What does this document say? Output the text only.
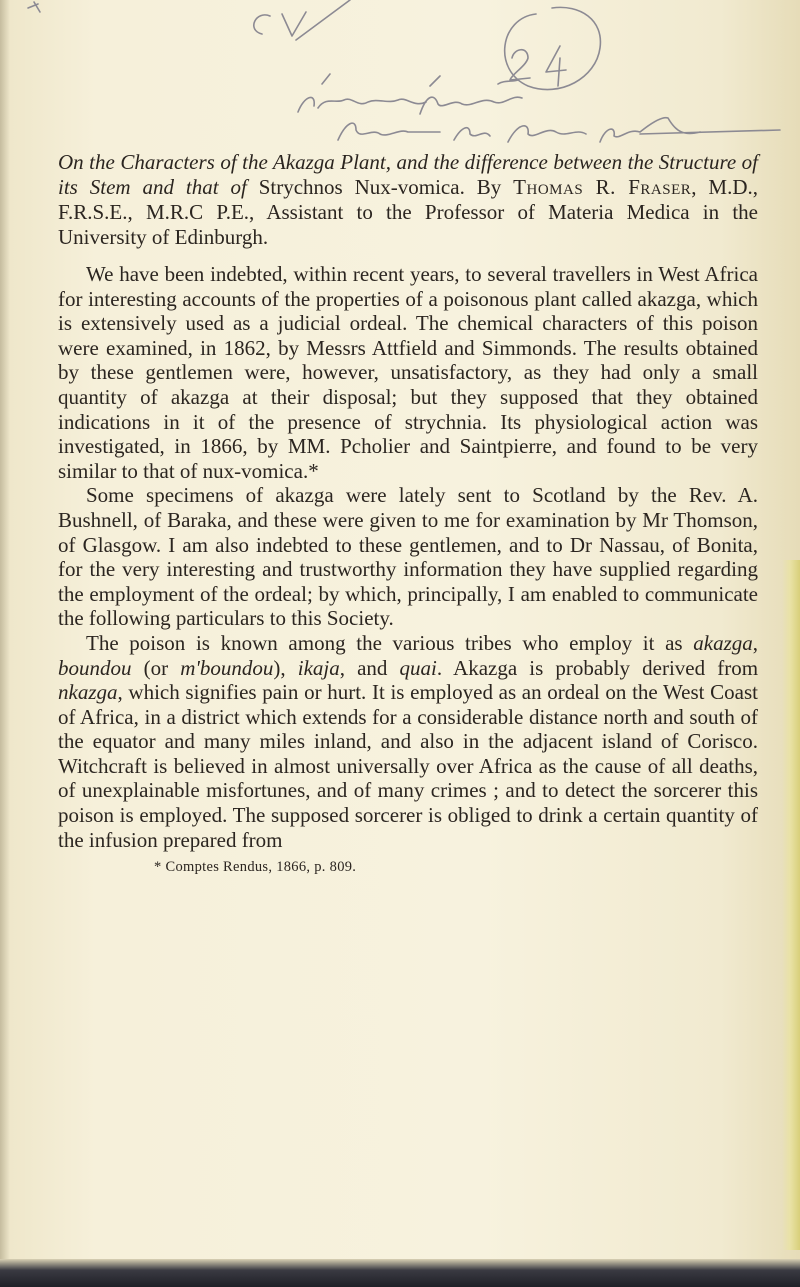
On the Characters of the Akazga Plant, and the difference between the Structure of its Stem and that of Strychnos Nux-vomica. By Thomas R. Fraser, M.D., F.R.S.E., M.R.C P.E., Assistant to the Professor of Materia Medica in the University of Edinburgh.

We have been indebted, within recent years, to several travellers in West Africa for interesting accounts of the properties of a poisonous plant called akazga, which is extensively used as a judicial ordeal. The chemical characters of this poison were examined, in 1862, by Messrs Attfield and Simmonds. The results obtained by these gentlemen were, however, unsatisfactory, as they had only a small quantity of akazga at their disposal; but they supposed that they obtained indications in it of the presence of strychnia. Its physiological action was investigated, in 1866, by MM. Pcholier and Saintpierre, and found to be very similar to that of nux-vomica.*

Some specimens of akazga were lately sent to Scotland by the Rev. A. Bushnell, of Baraka, and these were given to me for examination by Mr Thomson, of Glasgow. I am also indebted to these gentlemen, and to Dr Nassau, of Bonita, for the very interesting and trustworthy information they have supplied regarding the employment of the ordeal; by which, principally, I am enabled to communicate the following particulars to this Society.

The poison is known among the various tribes who employ it as akazga, boundou (or m'boundou), ikaja, and quai. Akazga is probably derived from nkazga, which signifies pain or hurt. It is employed as an ordeal on the West Coast of Africa, in a district which extends for a considerable distance north and south of the equator and many miles inland, and also in the adjacent island of Corisco. Witchcraft is believed in almost universally over Africa as the cause of all deaths, of unexplainable misfortunes, and of many crimes ; and to detect the sorcerer this poison is employed. The supposed sorcerer is obliged to drink a certain quantity of the infusion prepared from

* Comptes Rendus, 1866, p. 809.
